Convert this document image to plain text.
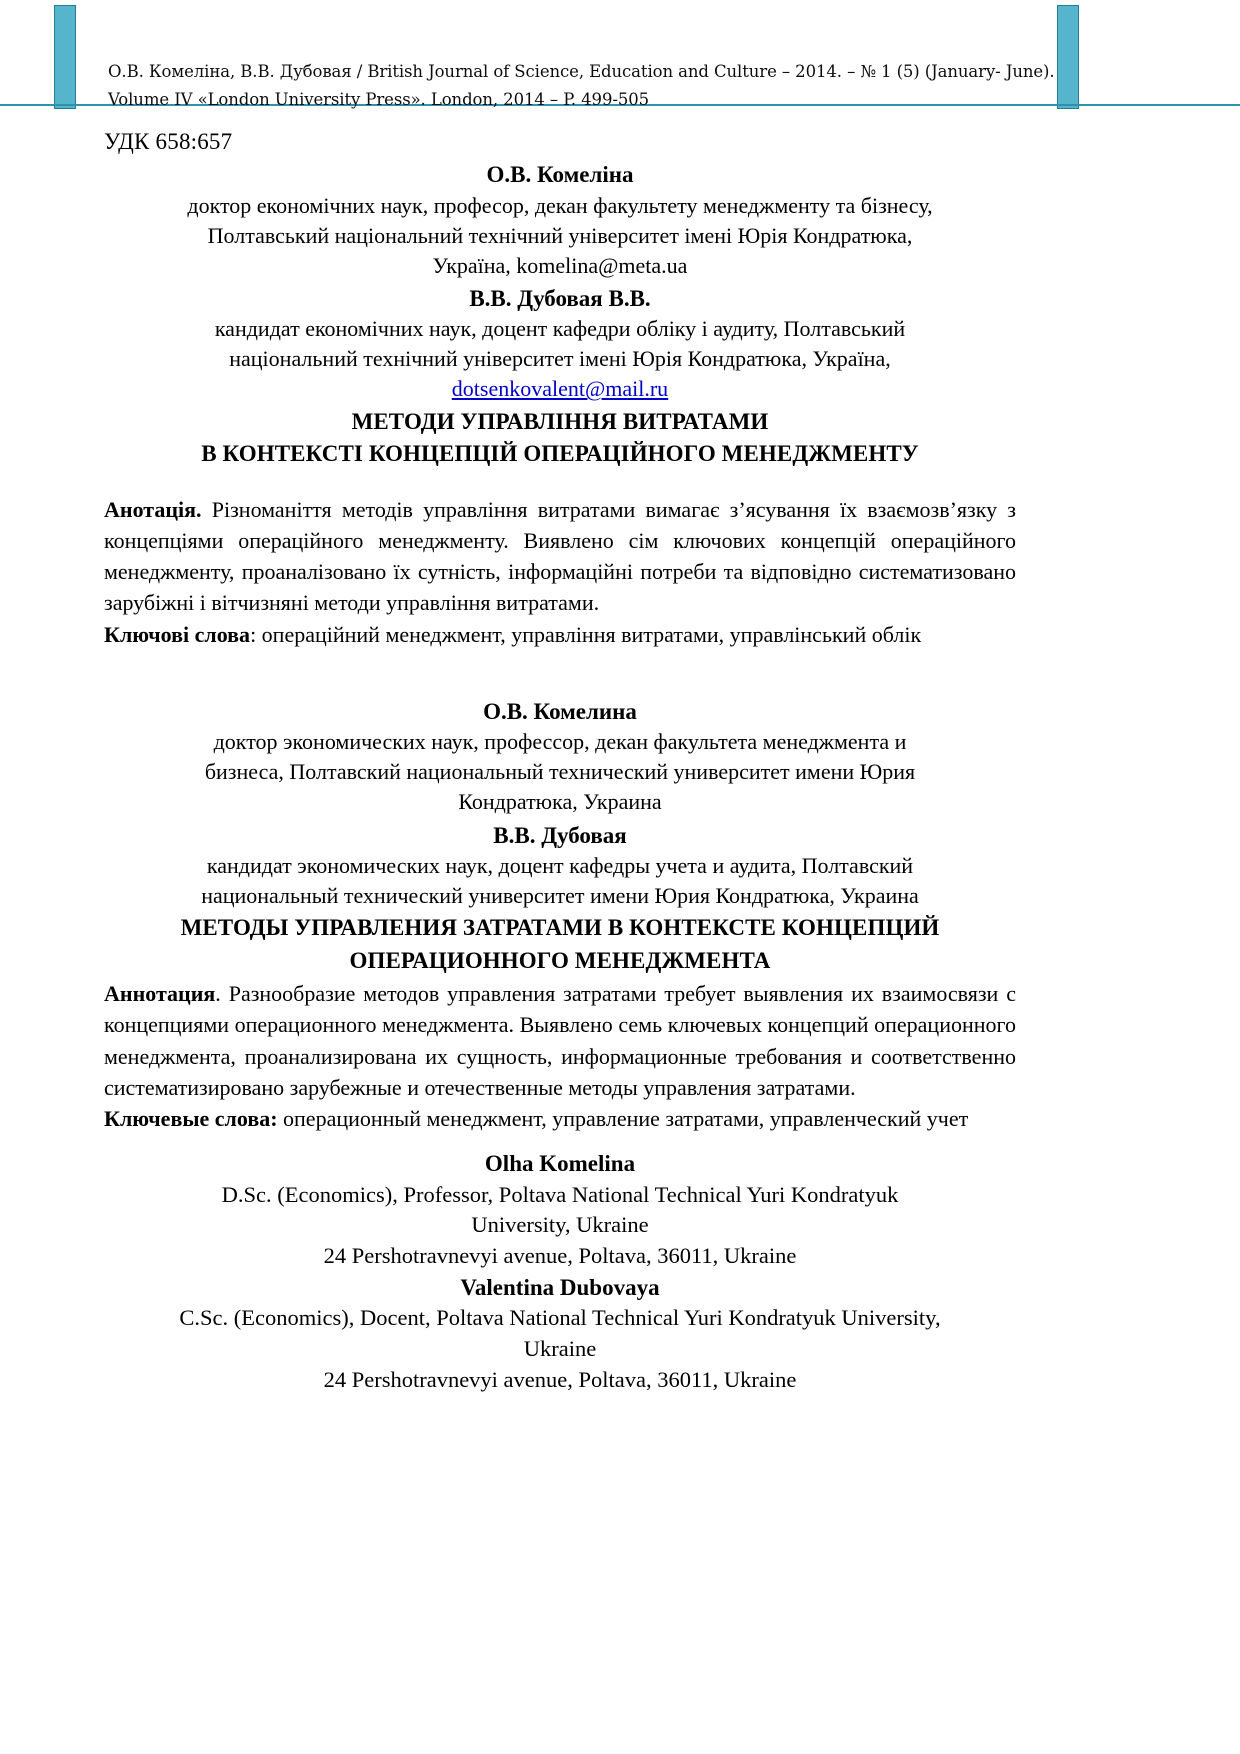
О.В. Комеліна, В.В. Дубовая / British Journal of Science, Education and Culture – 2014. – № 1 (5) (January- June). Volume IV «London University Press». London, 2014 – P. 499-505

УДК 658:657

О.В. Комеліна

доктор економічних наук, професор, декан факультету менеджменту та бізнесу,

Полтавський національний технічний університет імені Юрія Кондратюка,

Україна, komelina@meta.ua

В.В. Дубовая В.В.

кандидат економічних наук, доцент кафедри обліку і аудиту, Полтавський

національний технічний університет імені Юрія Кондратюка, Україна,

dotsenkovalent@mail.ru

МЕТОДИ УПРАВЛІННЯ ВИТРАТАМИ

В КОНТЕКСТІ КОНЦЕПЦІЙ ОПЕРАЦІЙНОГО МЕНЕДЖМЕНТУ

Анотація. Різноманіття методів управління витратами вимагає з’ясування їх взаємозв’язку з концепціями операційного менеджменту. Виявлено сім ключових концепцій операційного менеджменту, проаналізовано їх сутність, інформаційні потреби та відповідно систематизовано зарубіжні і вітчизняні методи управління витратами.

Ключові слова: операційний менеджмент, управління витратами, управлінський облік

О.В. Комелина

доктор экономических наук, профессор, декан факультета менеджмента и

бизнеса, Полтавский национальный технический университет имени Юрия

Кондратюка, Украина

В.В. Дубовая

кандидат экономических наук, доцент кафедры учета и аудита, Полтавский

национальный технический университет имени Юрия Кондратюка, Украина

МЕТОДЫ УПРАВЛЕНИЯ ЗАТРАТАМИ В КОНТЕКСТЕ КОНЦЕПЦИЙ

ОПЕРАЦИОННОГО МЕНЕДЖМЕНТА

Аннотация. Разнообразие методов управления затратами требует выявления их взаимосвязи с концепциями операционного менеджмента. Выявлено семь ключевых концепций операционного менеджмента, проанализирована их сущность, информационные требования и соответственно систематизировано зарубежные и отечественные методы управления затратами.

Ключевые слова: операционный менеджмент, управление затратами, управленческий учет

Olha Komelina

D.Sc. (Economics), Professor, Poltava National Technical Yuri Kondratyuk

University, Ukraine

24 Pershotravnevyi avenue, Poltava, 36011, Ukraine

Valentina Dubovaya

C.Sc. (Economics), Docent, Poltava National Technical Yuri Kondratyuk University,

Ukraine

24 Pershotravnevyi avenue, Poltava, 36011, Ukraine
